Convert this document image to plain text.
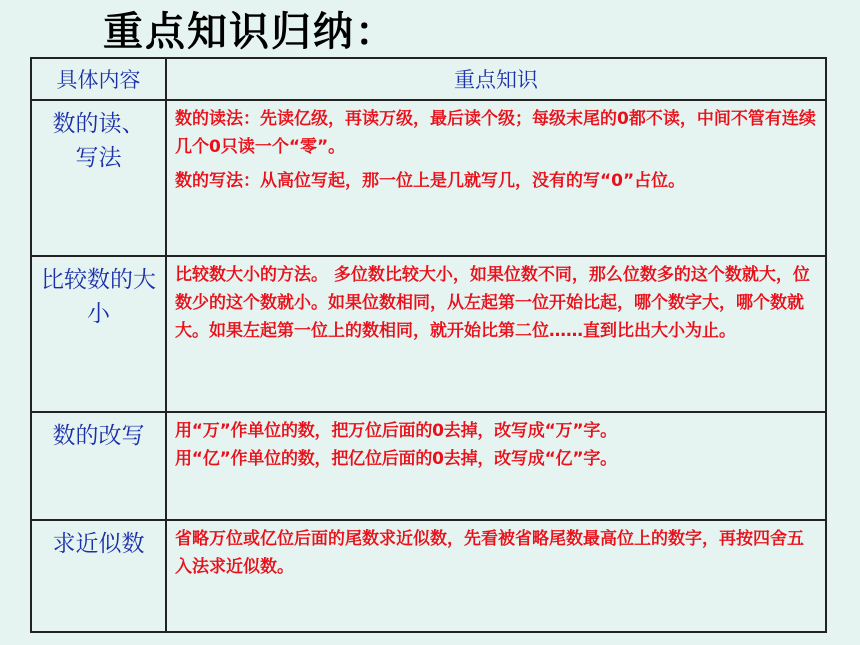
重点知识归纳：
具体内容	重点知识

数的读、写法	数的读法：先读亿级，再读万级，最后读个级；每级末尾的0都不读，中间不管有连续几个0只读一个“零”。
数的写法：从高位写起，那一位上是几就写几，没有的写“0”占位。

比较数的大小	比较数大小的方法。 多位数比较大小，如果位数不同，那么位数多的这个数就大，位数少的这个数就小。如果位数相同，从左起第一位开始比起，哪个数字大，哪个数就大。如果左起第一位上的数相同，就开始比第二位……直到比出大小为止。

数的改写	用“万”作单位的数，把万位后面的0去掉，改写成“万”字。
用“亿”作单位的数，把亿位后面的0去掉，改写成“亿”字。

求近似数	省略万位或亿位后面的尾数求近似数，先看被省略尾数最高位上的数字，再按四舍五入法求近似数。
